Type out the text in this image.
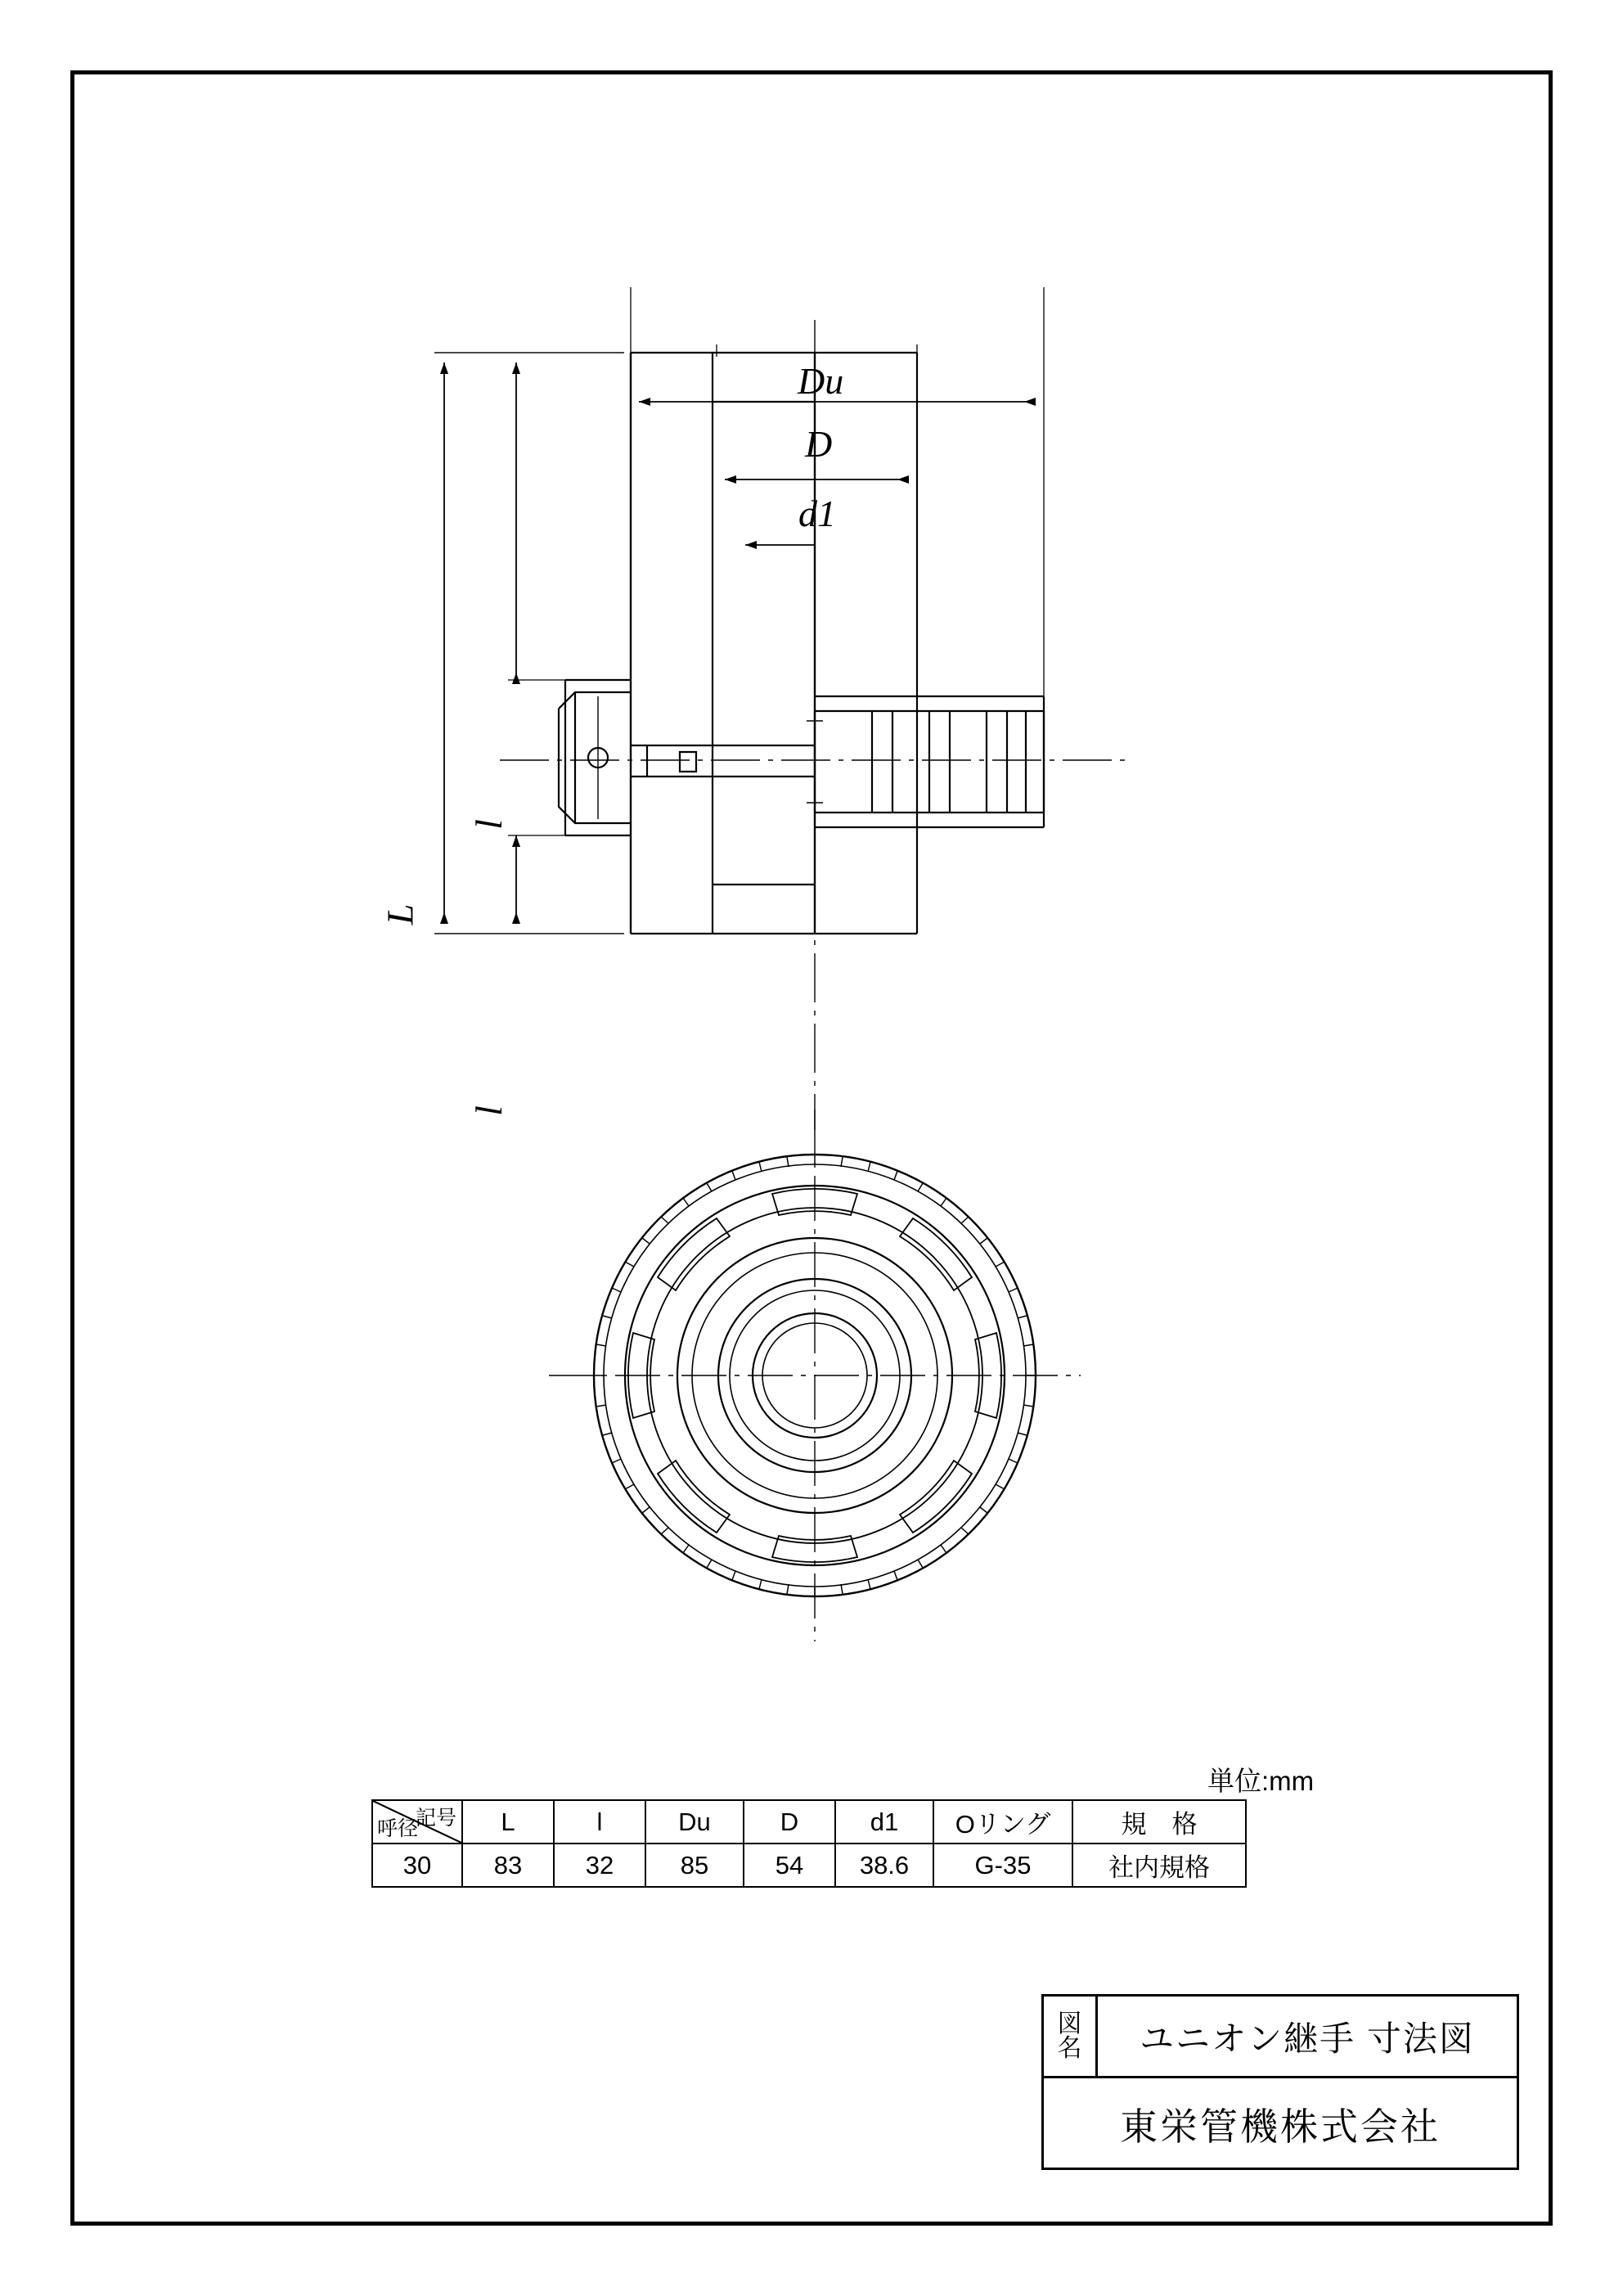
Du
D
d1
L
l
l
単位:mm
記号
呼径	L	l	Du	D	d1	Oリング	規　格
30	83	32	85	54	38.6	G-35	社内規格
図
名	ユニオン継手 寸法図
東栄管機株式会社
